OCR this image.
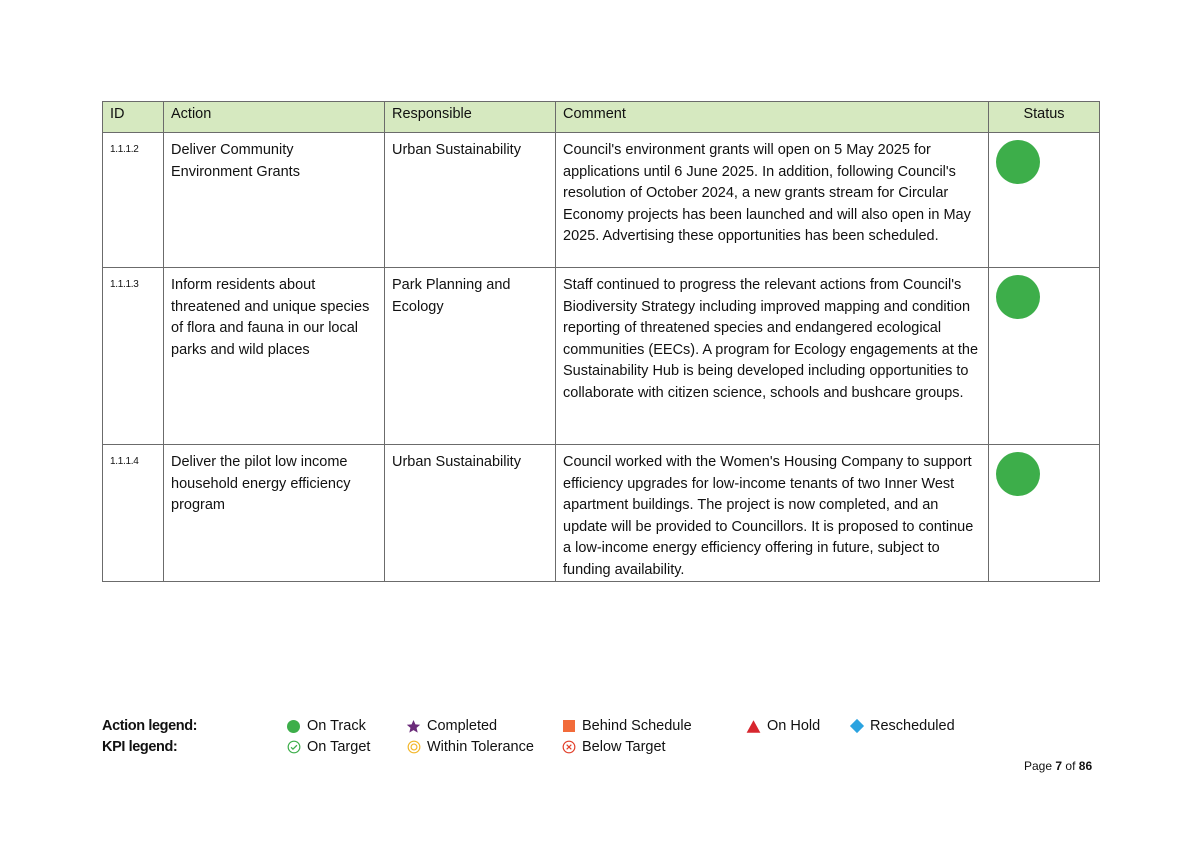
ID	Action	Responsible	Comment	Status
1.1.1.2	Deliver Community Environment Grants	Urban Sustainability	Council's environment grants will open on 5 May 2025 for applications until 6 June 2025. In addition, following Council's resolution of October 2024, a new grants stream for Circular Economy projects has been launched and will also open in May 2025. Advertising these opportunities has been scheduled.	
1.1.1.3	Inform residents about threatened and unique species of flora and fauna in our local parks and wild places	Park Planning and Ecology	Staff continued to progress the relevant actions from Council's Biodiversity Strategy including improved mapping and condition reporting of threatened species and endangered ecological communities (EECs). A program for Ecology engagements at the Sustainability Hub is being developed including opportunities to collaborate with citizen science, schools and bushcare groups.	
1.1.1.4	Deliver the pilot low income household energy efficiency program	Urban Sustainability	Council worked with the Women's Housing Company to support efficiency upgrades for low-income tenants of two Inner West apartment buildings. The project is now completed, and an update will be provided to Councillors. It is proposed to continue a low-income energy efficiency offering in future, subject to funding availability.	
Action legend:	On Track	Completed	Behind Schedule	On Hold	Rescheduled
KPI legend:	On Target	Within Tolerance	Below Target
Page 7 of 86
